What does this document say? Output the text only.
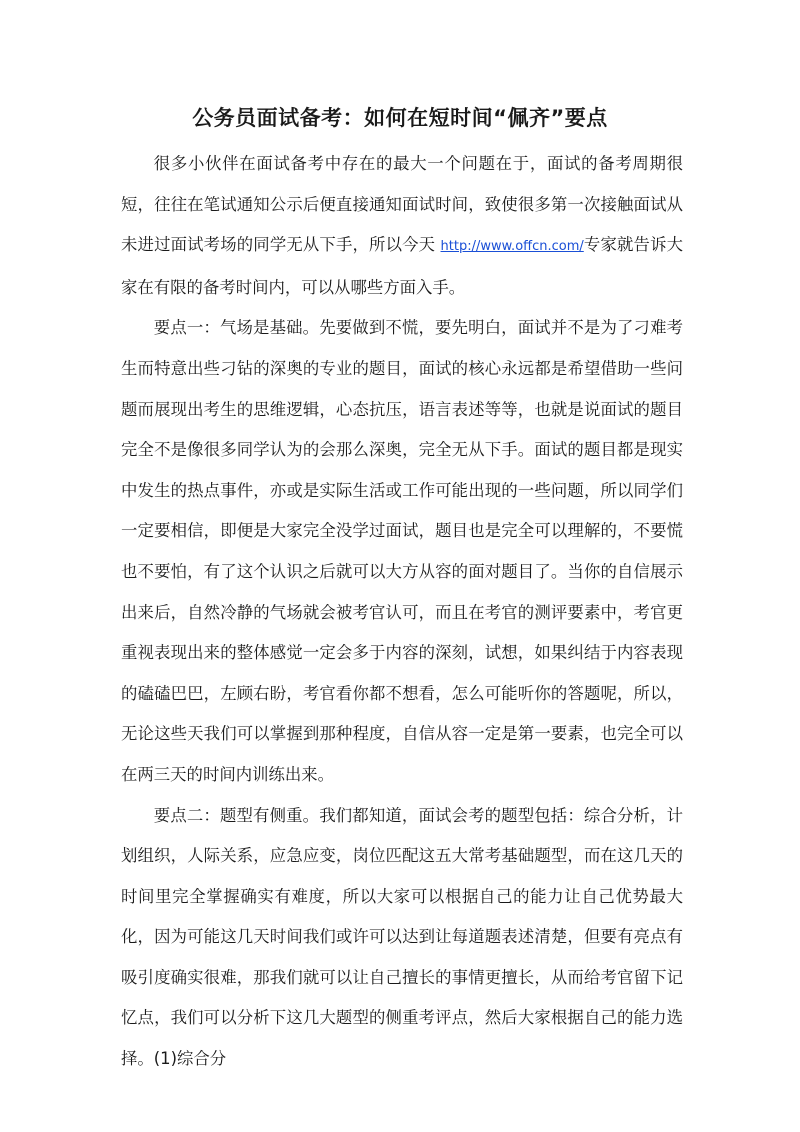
公务员面试备考：如何在短时间“佩齐”要点

很多小伙伴在面试备考中存在的最大一个问题在于，面试的备考周期很短，往往在笔试通知公示后便直接通知面试时间，致使很多第一次接触面试从未进过面试考场的同学无从下手，所以今天 http://www.offcn.com/专家就告诉大家在有限的备考时间内，可以从哪些方面入手。

要点一：气场是基础。先要做到不慌，要先明白，面试并不是为了刁难考生而特意出些刁钻的深奥的专业的题目，面试的核心永远都是希望借助一些问题而展现出考生的思维逻辑，心态抗压，语言表述等等，也就是说面试的题目完全不是像很多同学认为的会那么深奥，完全无从下手。面试的题目都是现实中发生的热点事件，亦或是实际生活或工作可能出现的一些问题，所以同学们一定要相信，即便是大家完全没学过面试，题目也是完全可以理解的，不要慌也不要怕，有了这个认识之后就可以大方从容的面对题目了。当你的自信展示出来后，自然冷静的气场就会被考官认可，而且在考官的测评要素中，考官更重视表现出来的整体感觉一定会多于内容的深刻，试想，如果纠结于内容表现的磕磕巴巴，左顾右盼，考官看你都不想看，怎么可能听你的答题呢，所以，无论这些天我们可以掌握到那种程度，自信从容一定是第一要素，也完全可以在两三天的时间内训练出来。

要点二：题型有侧重。我们都知道，面试会考的题型包括：综合分析，计划组织，人际关系，应急应变，岗位匹配这五大常考基础题型，而在这几天的时间里完全掌握确实有难度，所以大家可以根据自己的能力让自己优势最大化，因为可能这几天时间我们或许可以达到让每道题表述清楚，但要有亮点有吸引度确实很难，那我们就可以让自己擅长的事情更擅长，从而给考官留下记忆点，我们可以分析下这几大题型的侧重考评点，然后大家根据自己的能力选择。(1)综合分
